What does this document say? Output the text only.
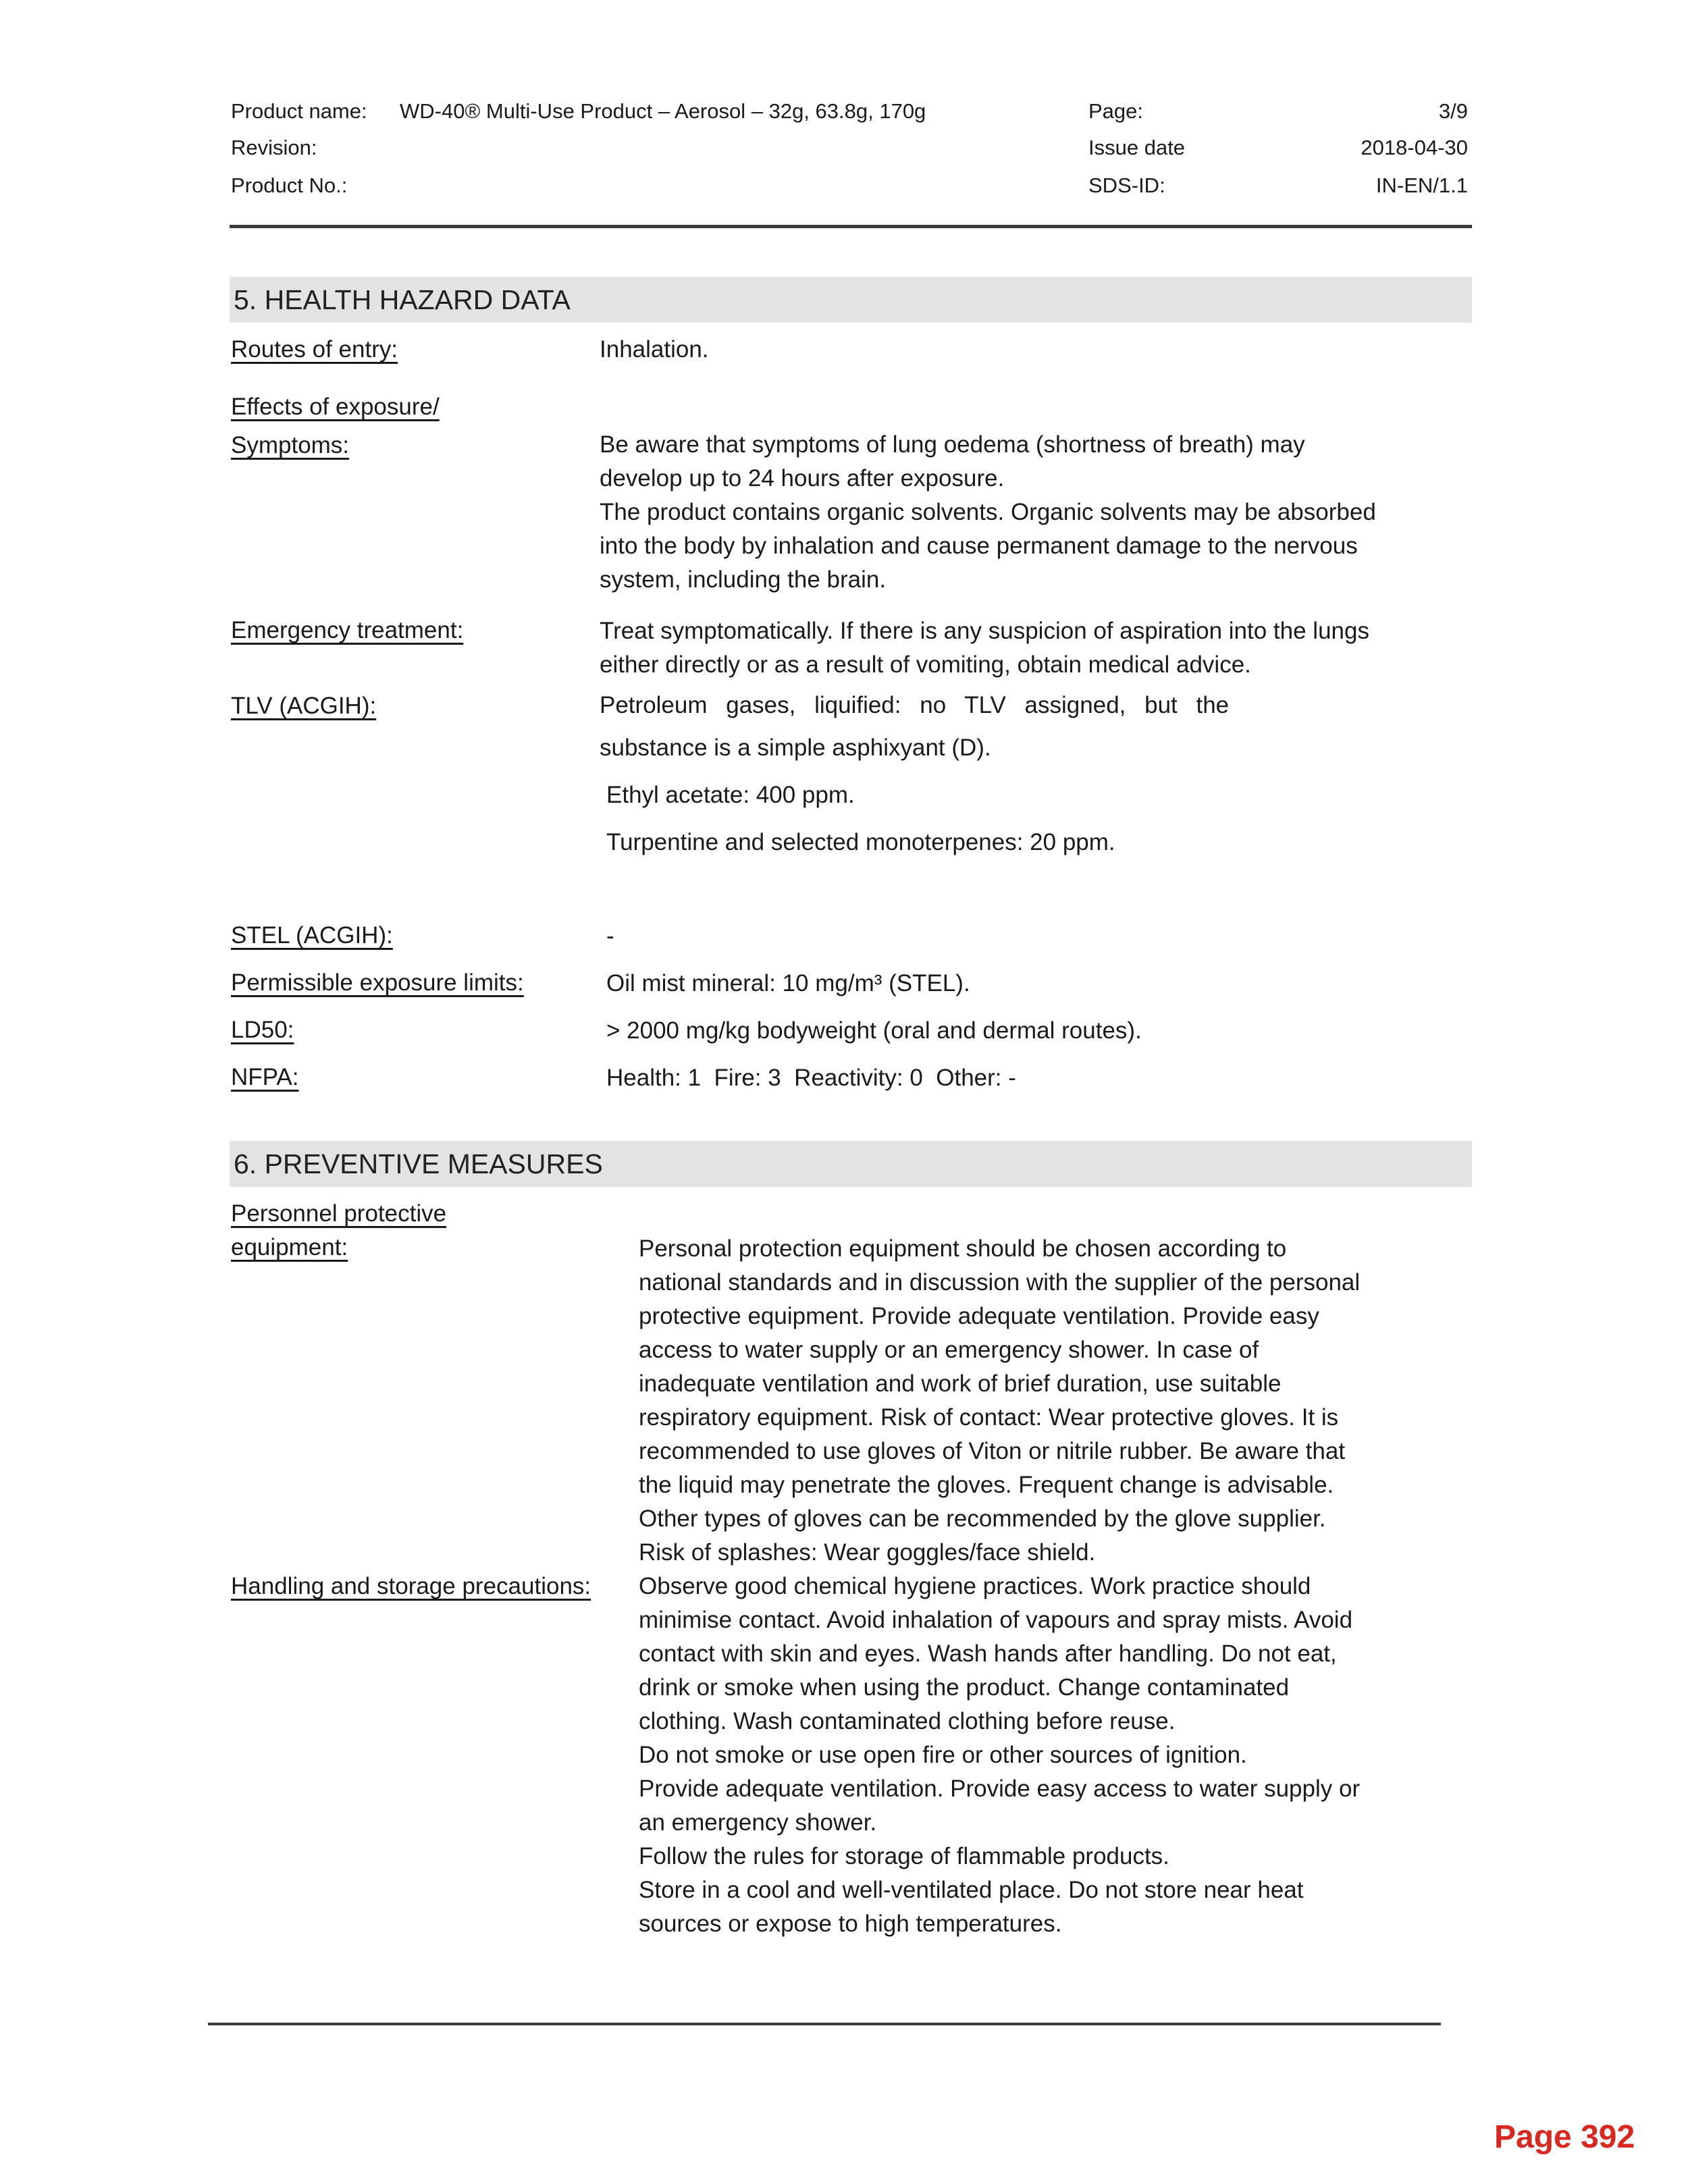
Product name: WD-40® Multi-Use Product – Aerosol – 32g, 63.8g, 170g
Revision:
Product No.:
Page:	3/9
Issue date	2018-04-30
SDS-ID:	IN-EN/1.1
5. HEALTH HAZARD DATA
Routes of entry:	Inhalation.
Effects of exposure/
Symptoms:	Be aware that symptoms of lung oedema (shortness of breath) may
develop up to 24 hours after exposure.
The product contains organic solvents. Organic solvents may be absorbed
into the body by inhalation and cause permanent damage to the nervous
system, including the brain.
Emergency treatment:	Treat symptomatically. If there is any suspicion of aspiration into the lungs
either directly or as a result of vomiting, obtain medical advice.
TLV (ACGIH):	Petroleum gases, liquified: no TLV assigned, but the
substance is a simple asphixyant (D).
Ethyl acetate: 400 ppm.
Turpentine and selected monoterpenes: 20 ppm.
STEL (ACGIH):	-
Permissible exposure limits:	Oil mist mineral: 10 mg/m³ (STEL).
LD50:	> 2000 mg/kg bodyweight (oral and dermal routes).
NFPA:	Health: 1  Fire: 3  Reactivity: 0  Other: -
6. PREVENTIVE MEASURES
Personnel protective
equipment:	Personal protection equipment should be chosen according to
national standards and in discussion with the supplier of the personal
protective equipment. Provide adequate ventilation. Provide easy
access to water supply or an emergency shower. In case of
inadequate ventilation and work of brief duration, use suitable
respiratory equipment. Risk of contact: Wear protective gloves. It is
recommended to use gloves of Viton or nitrile rubber. Be aware that
the liquid may penetrate the gloves. Frequent change is advisable.
Other types of gloves can be recommended by the glove supplier.
Risk of splashes: Wear goggles/face shield.
Handling and storage precautions: Observe good chemical hygiene practices. Work practice should
minimise contact. Avoid inhalation of vapours and spray mists. Avoid
contact with skin and eyes. Wash hands after handling. Do not eat,
drink or smoke when using the product. Change contaminated
clothing. Wash contaminated clothing before reuse.
Do not smoke or use open fire or other sources of ignition.
Provide adequate ventilation. Provide easy access to water supply or
an emergency shower.
Follow the rules for storage of flammable products.
Store in a cool and well-ventilated place. Do not store near heat
sources or expose to high temperatures.
Page 392
